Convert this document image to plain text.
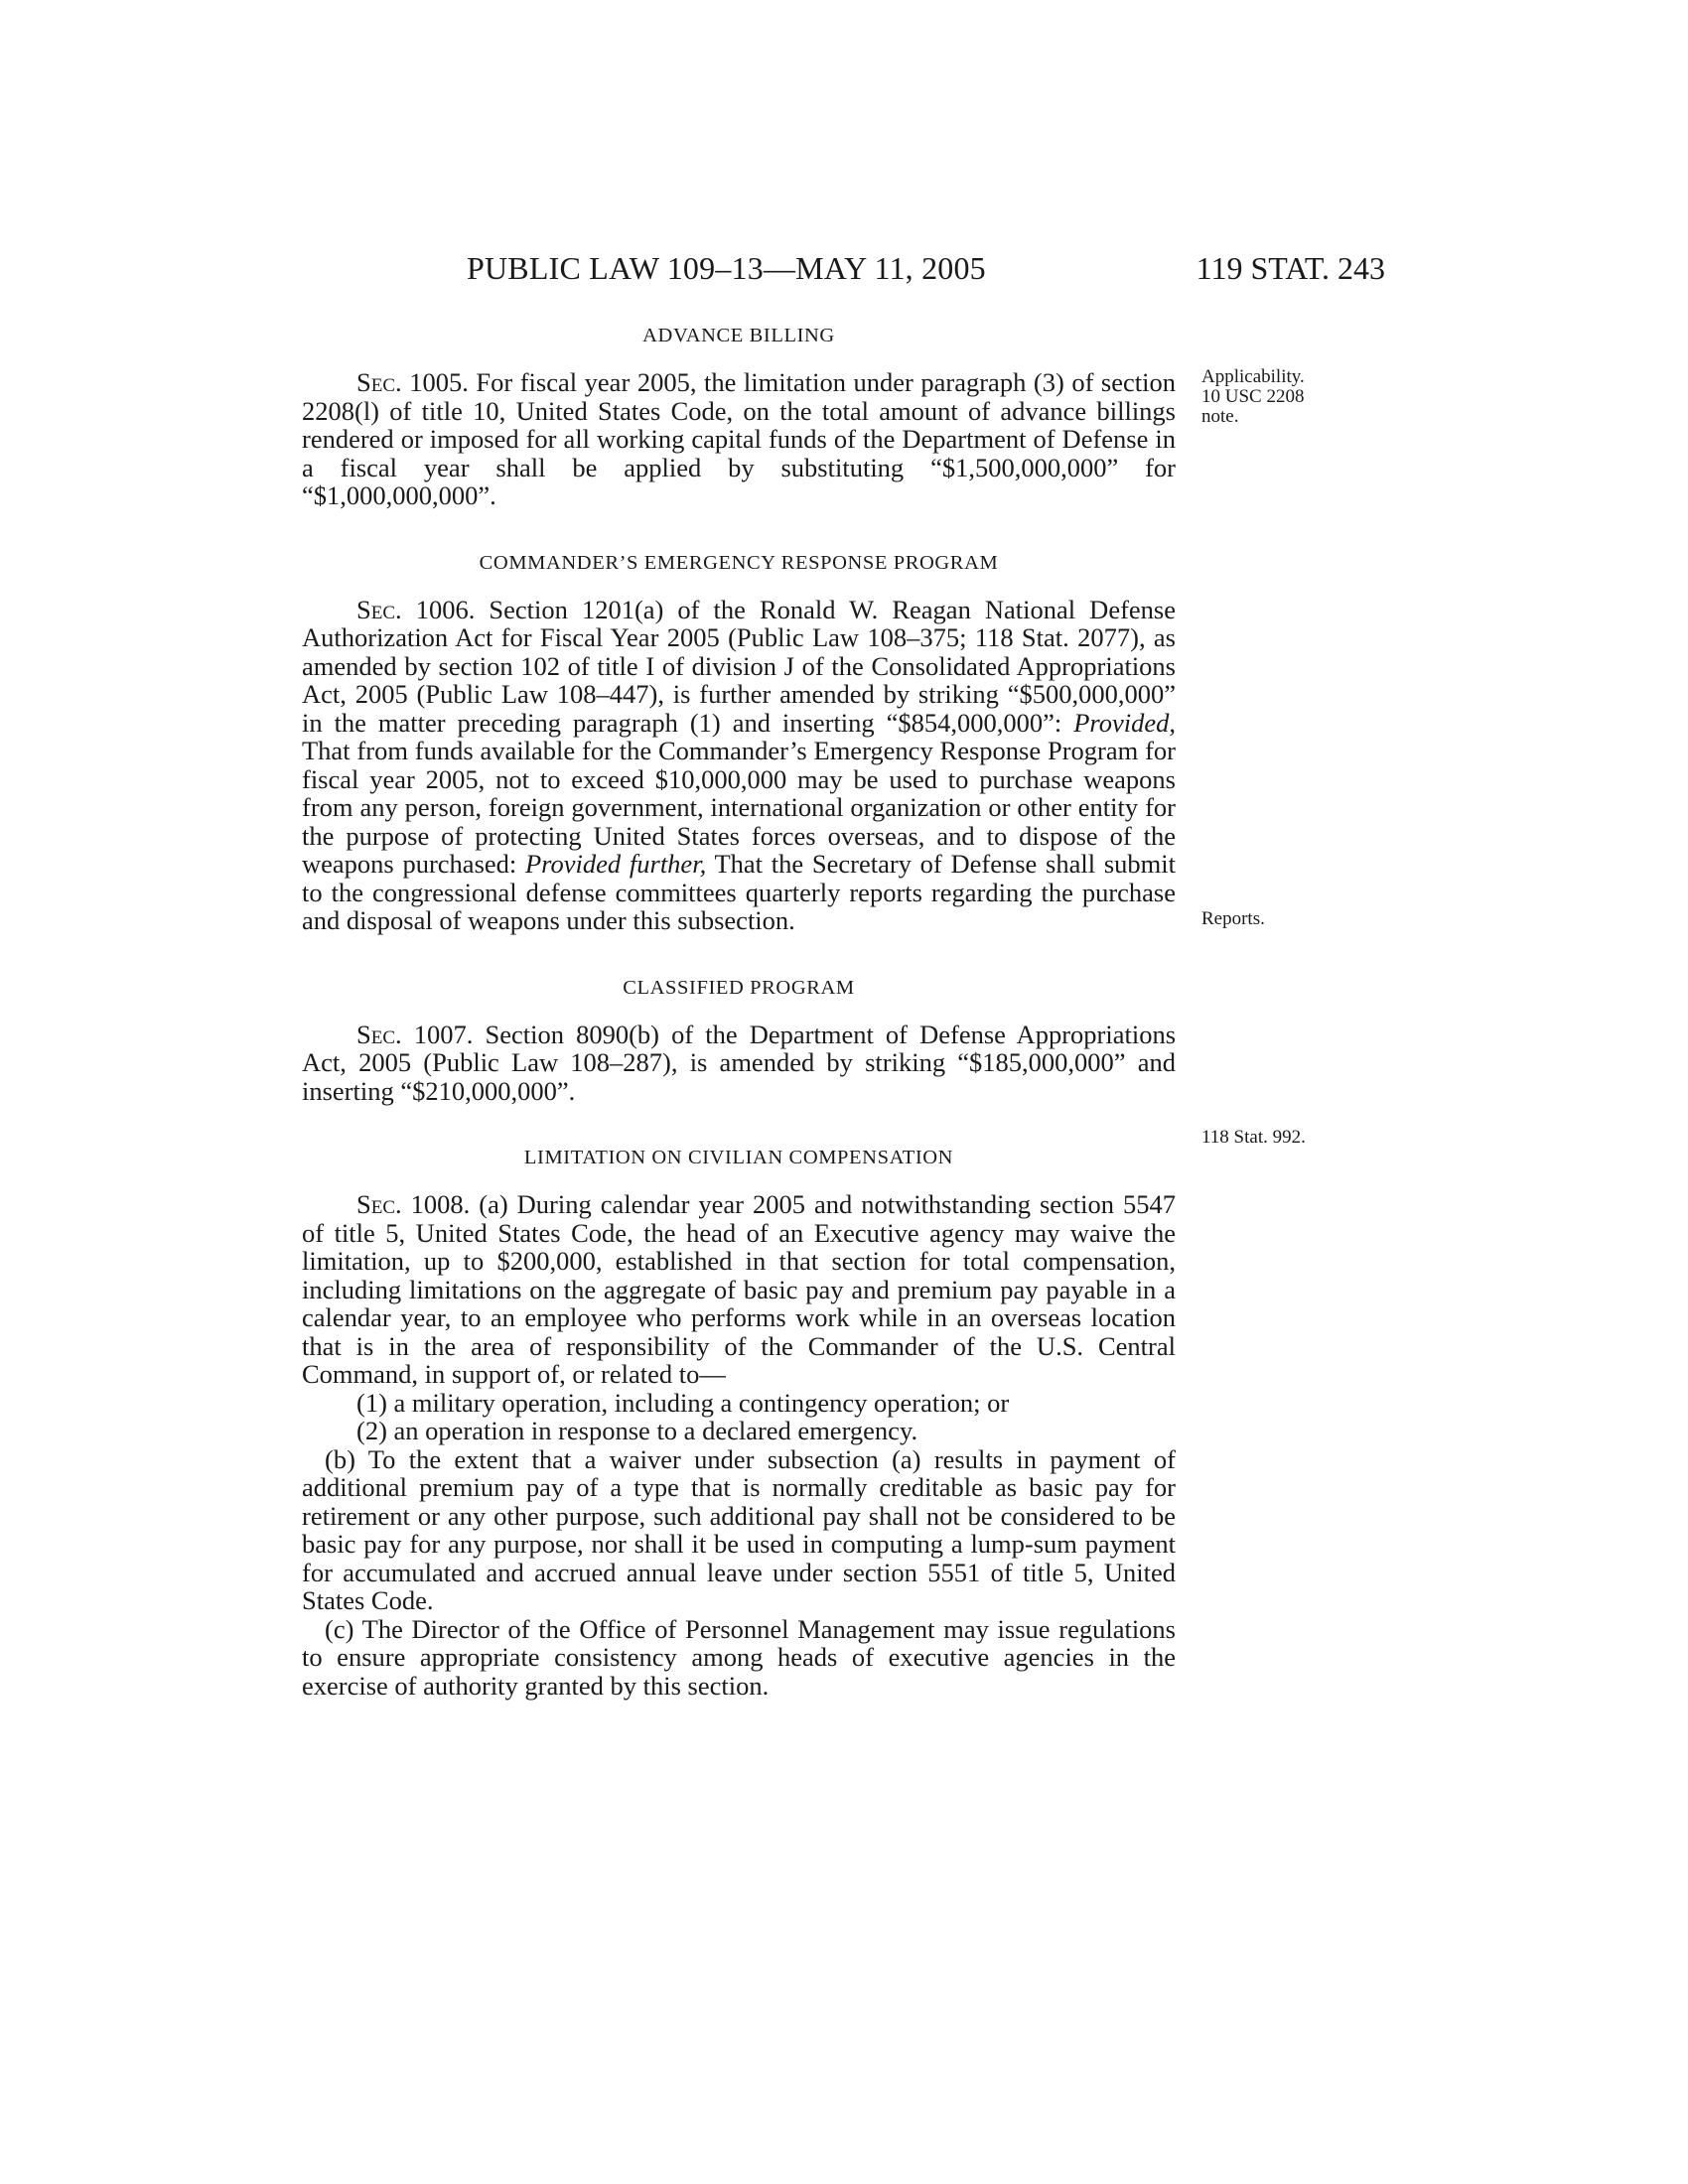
PUBLIC LAW 109–13—MAY 11, 2005	119 STAT. 243
Applicability.
10 USC 2208
note.
Reports.
118 Stat. 992.
ADVANCE BILLING

Sec. 1005. For fiscal year 2005, the limitation under paragraph (3) of section 2208(l) of title 10, United States Code, on the total amount of advance billings rendered or imposed for all working capital funds of the Department of Defense in a fiscal year shall be applied by substituting “$1,500,000,000” for “$1,000,000,000”.

COMMANDER’S EMERGENCY RESPONSE PROGRAM

Sec. 1006. Section 1201(a) of the Ronald W. Reagan National Defense Authorization Act for Fiscal Year 2005 (Public Law 108–375; 118 Stat. 2077), as amended by section 102 of title I of division J of the Consolidated Appropriations Act, 2005 (Public Law 108–447), is further amended by striking “$500,000,000” in the matter preceding paragraph (1) and inserting “$854,000,000”: Provided, That from funds available for the Commander’s Emergency Response Program for fiscal year 2005, not to exceed $10,000,000 may be used to purchase weapons from any person, foreign government, international organization or other entity for the purpose of protecting United States forces overseas, and to dispose of the weapons purchased: Provided further, That the Secretary of Defense shall submit to the congressional defense committees quarterly reports regarding the purchase and disposal of weapons under this subsection.

CLASSIFIED PROGRAM

Sec. 1007. Section 8090(b) of the Department of Defense Appropriations Act, 2005 (Public Law 108–287), is amended by striking “$185,000,000” and inserting “$210,000,000”.

LIMITATION ON CIVILIAN COMPENSATION

Sec. 1008. (a) During calendar year 2005 and notwithstanding section 5547 of title 5, United States Code, the head of an Executive agency may waive the limitation, up to $200,000, established in that section for total compensation, including limitations on the aggregate of basic pay and premium pay payable in a calendar year, to an employee who performs work while in an overseas location that is in the area of responsibility of the Commander of the U.S. Central Command, in support of, or related to—

(1) a military operation, including a contingency operation; or

(2) an operation in response to a declared emergency.

(b) To the extent that a waiver under subsection (a) results in payment of additional premium pay of a type that is normally creditable as basic pay for retirement or any other purpose, such additional pay shall not be considered to be basic pay for any purpose, nor shall it be used in computing a lump-sum payment for accumulated and accrued annual leave under section 5551 of title 5, United States Code.

(c) The Director of the Office of Personnel Management may issue regulations to ensure appropriate consistency among heads of executive agencies in the exercise of authority granted by this section.
